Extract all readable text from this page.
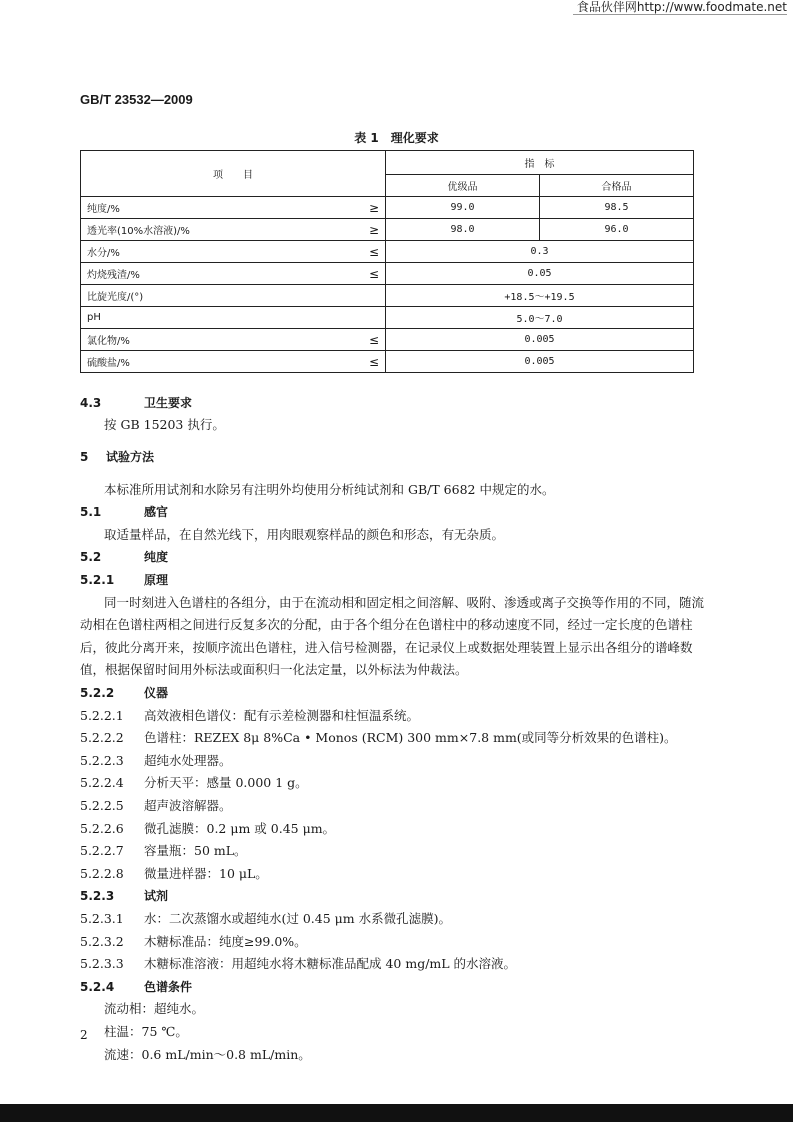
食品伙伴网http://www.foodmate.net
GB/T 23532—2009
表 1　理化要求
项　　目		指　标	
		优级品	合格品
纯度/%	≥	99.0	98.5
透光率(10%水溶液)/%	≥	98.0	96.0
水分/%	≤	0.3	
灼烧残渣/%	≤	0.05	
比旋光度/(°)		+18.5～+19.5	
pH		5.0～7.0	
氯化物/%	≤	0.005	
硫酸盐/%	≤	0.005	
4.3	卫生要求
按 GB 15203 执行。
5 试验方法
本标准所用试剂和水除另有注明外均使用分析纯试剂和 GB/T 6682 中规定的水。
5.1	感官
取适量样品，在自然光线下，用肉眼观察样品的颜色和形态，有无杂质。
5.2	纯度
5.2.1 原理
同一时刻进入色谱柱的各组分，由于在流动相和固定相之间溶解、吸附、渗透或离子交换等作用的不同，随流动相在色谱柱两相之间进行反复多次的分配，由于各个组分在色谱柱中的移动速度不同，经过一定长度的色谱柱后，彼此分离开来，按顺序流出色谱柱，进入信号检测器，在记录仪上或数据处理装置上显示出各组分的谱峰数值，根据保留时间用外标法或面积归一化法定量，以外标法为仲裁法。
5.2.2 仪器
5.2.2.1 高效液相色谱仪：配有示差检测器和柱恒温系统。
5.2.2.2 色谱柱：REZEX 8μ 8%Ca • Monos (RCM) 300 mm×7.8 mm(或同等分析效果的色谱柱)。
5.2.2.3 超纯水处理器。
5.2.2.4 分析天平：感量 0.000 1 g。
5.2.2.5 超声波溶解器。
5.2.2.6 微孔滤膜：0.2 μm 或 0.45 μm。
5.2.2.7 容量瓶：50 mL。
5.2.2.8 微量进样器：10 μL。
5.2.3 试剂
5.2.3.1 水：二次蒸馏水或超纯水(过 0.45 μm 水系微孔滤膜)。
5.2.3.2 木糖标准品：纯度≥99.0%。
5.2.3.3 木糖标准溶液：用超纯水将木糖标准品配成 40 mg/mL 的水溶液。
5.2.4 色谱条件
流动相：超纯水。
柱温：75 ℃。
流速：0.6 mL/min～0.8 mL/min。
2
